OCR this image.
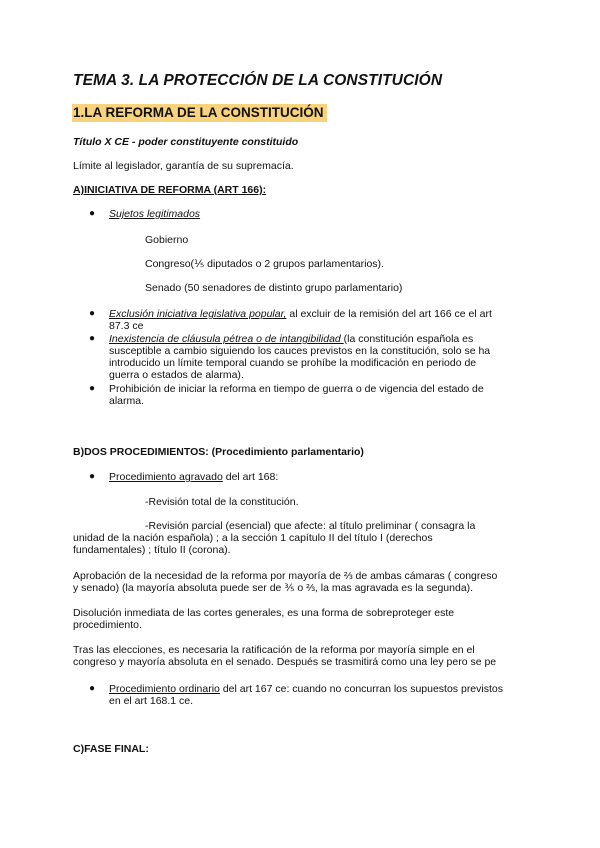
TEMA 3. LA PROTECCIÓN DE LA CONSTITUCIÓN
1.LA REFORMA DE LA CONSTITUCIÓN
Título X CE - poder constituyente constituido
Límite al legislador, garantía de su supremacía.
A)INICIATIVA DE REFORMA (ART 166):
● Sujetos legitimados
Gobierno
Congreso(⅕ diputados o 2 grupos parlamentarios).
Senado (50 senadores de distinto grupo parlamentario)
● Exclusión iniciativa legislativa popular, al excluir de la remisión del art 166 ce el art
87.3 ce
● Inexistencia de cláusula pétrea o de intangibilidad (la constitución española es
susceptible a cambio siguiendo los cauces previstos en la constitución, solo se ha
introducido un límite temporal cuando se prohíbe la modificación en periodo de
guerra o estados de alarma).
● Prohibición de iniciar la reforma en tiempo de guerra o de vigencia del estado de
alarma.
B)DOS PROCEDIMIENTOS: (Procedimiento parlamentario)
● Procedimiento agravado del art 168:
-Revisión total de la constitución.
-Revisión parcial (esencial) que afecte: al título preliminar ( consagra la
unidad de la nación española) ; a la sección 1 capítulo II del título I (derechos
fundamentales) ; título II (corona).
Aprobación de la necesidad de la reforma por mayoría de ⅔ de ambas cámaras ( congreso
y senado) (la mayoría absoluta puede ser de ⅗ o ⅔, la mas agravada es la segunda).
Disolución inmediata de las cortes generales, es una forma de sobreproteger este
procedimiento.
Tras las elecciones, es necesaria la ratificación de la reforma por mayoría simple en el
congreso y mayoría absoluta en el senado. Después se trasmitirá como una ley pero se pe
● Procedimiento ordinario del art 167 ce: cuando no concurran los supuestos previstos
en el art 168.1 ce.
C)FASE FINAL:
